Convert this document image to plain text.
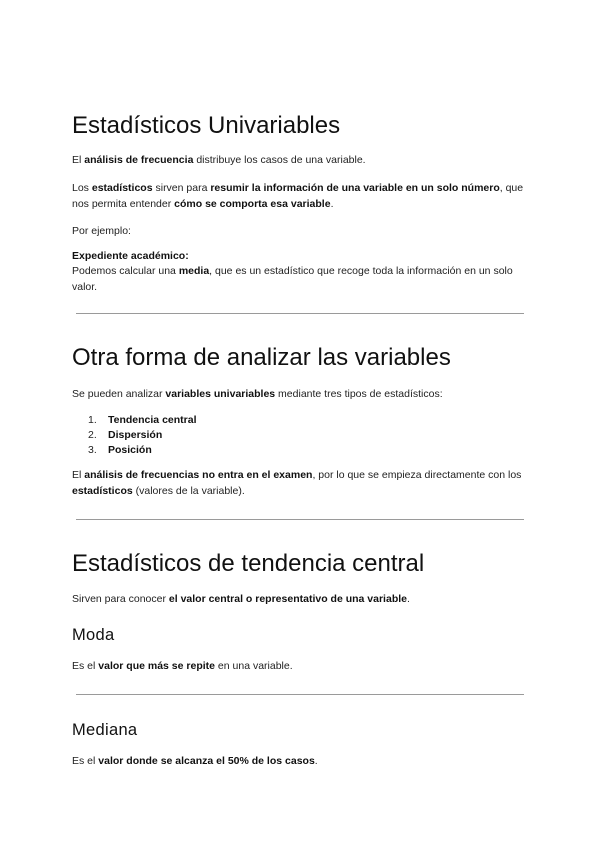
Estadísticos Univariables

El análisis de frecuencia distribuye los casos de una variable.

Los estadísticos sirven para resumir la información de una variable en un solo número, que nos permita entender cómo se comporta esa variable.

Por ejemplo:

Expediente académico:

Podemos calcular una media, que es un estadístico que recoge toda la información en un solo valor.

Otra forma de analizar las variables

Se pueden analizar variables univariables mediante tres tipos de estadísticos:

1. Tendencia central
2. Dispersión
3. Posición

El análisis de frecuencias no entra en el examen, por lo que se empieza directamente con los estadísticos (valores de la variable).

Estadísticos de tendencia central

Sirven para conocer el valor central o representativo de una variable.

Moda

Es el valor que más se repite en una variable.

Mediana

Es el valor donde se alcanza el 50% de los casos.
